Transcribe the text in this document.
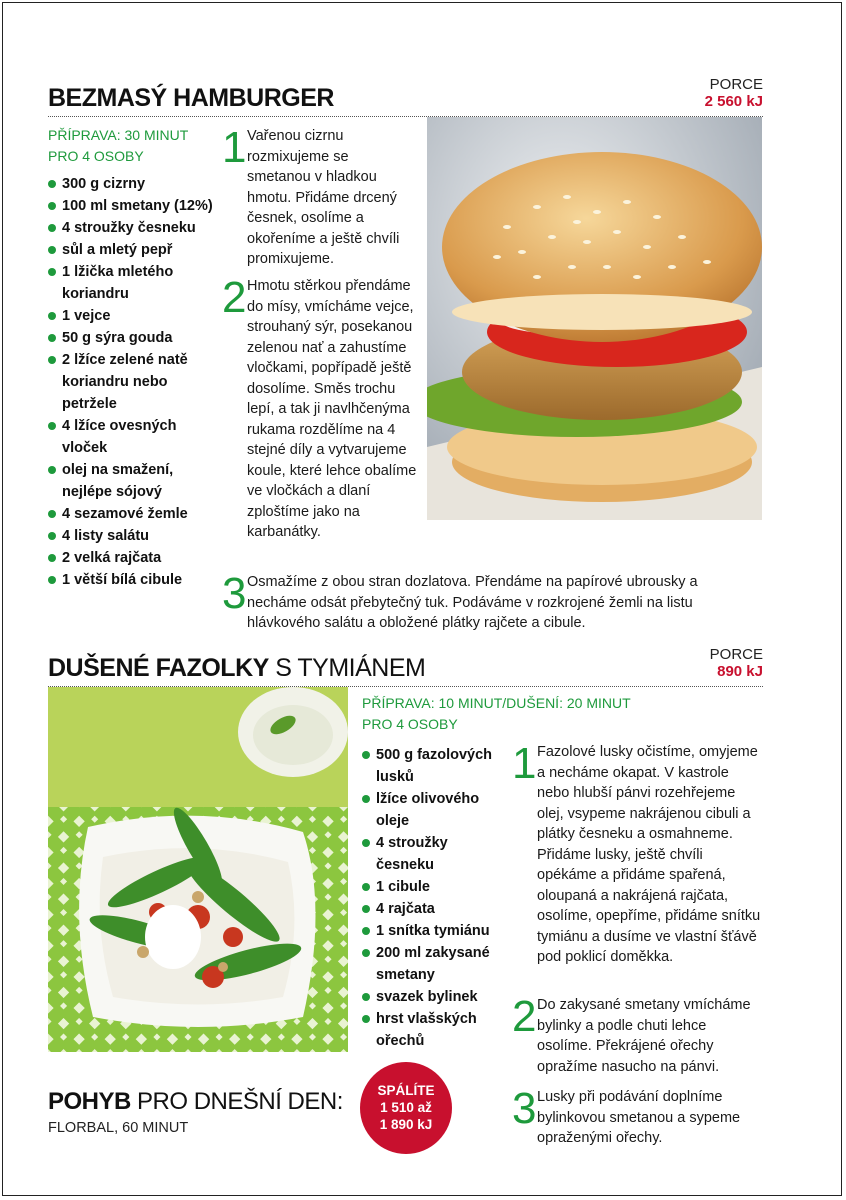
BEZMASÝ HAMBURGER	PORCE
2 560 kJ
PŘÍPRAVA: 30 MINUT
PRO 4 OSOBY
300 g cizrny
100 ml smetany (12%)
4 stroužky česneku
sůl a mletý pepř
1 lžička mletého koriandru
1 vejce
50 g sýra gouda
2 lžíce zelené natě koriandru nebo petržele
4 lžíce ovesných vloček
olej na smažení, nejlépe sójový
4 sezamové žemle
4 listy salátu
2 velká rajčata
1 větší bílá cibule
1 Vařenou cizrnu rozmixujeme se smetanou v hladkou hmotu. Přidáme drcený česnek, osolíme a okořeníme a ještě chvíli promixujeme.
2 Hmotu stěrkou přendáme do mísy, vmícháme vejce, strouhaný sýr, posekanou zelenou nať a zahustíme vločkami, popřípadě ještě dosolíme. Směs trochu lepí, a tak ji navlhčenýma rukama rozdělíme na 4 stejné díly a vytvarujeme koule, které lehce obalíme ve vločkách a dlaní zploštíme jako na karbanátky.
3 Osmažíme z obou stran dozlatova. Přendáme na papírové ubrousky a necháme odsát přebytečný tuk. Podáváme v rozkrojené žemli na listu hlávkového salátu a obložené plátky rajčete a cibule.
DUŠENÉ FAZOLKY S TYMIÁNEM	PORCE
890 kJ
PŘÍPRAVA: 10 MINUT/DUŠENÍ: 20 MINUT
PRO 4 OSOBY
500 g fazolových lusků
lžíce olivového oleje
4 stroužky česneku
1 cibule
4 rajčata
1 snítka tymiánu
200 ml zakysané smetany
svazek bylinek
hrst vlašských ořechů
1 Fazolové lusky očistíme, omyjeme a necháme okapat. V kastrole nebo hlubší pánvi rozehřejeme olej, vsypeme nakrájenou cibuli a plátky česneku a osmahneme. Přidáme lusky, ještě chvíli opékáme a přidáme spařená, oloupaná a nakrájená rajčata, osolíme, opepříme, přidáme snítku tymiánu a dusíme ve vlastní šťávě pod poklicí doměkka.
2 Do zakysané smetany vmícháme bylinky a podle chuti lehce osolíme. Překrájené ořechy opražíme nasucho na pánvi.
3 Lusky při podávání doplníme bylinkovou smetanou a sypeme opraženými ořechy.
POHYB PRO DNEŠNÍ DEN:
FLORBAL, 60 MINUT
SPÁLÍTE
1 510 až
1 890 kJ
